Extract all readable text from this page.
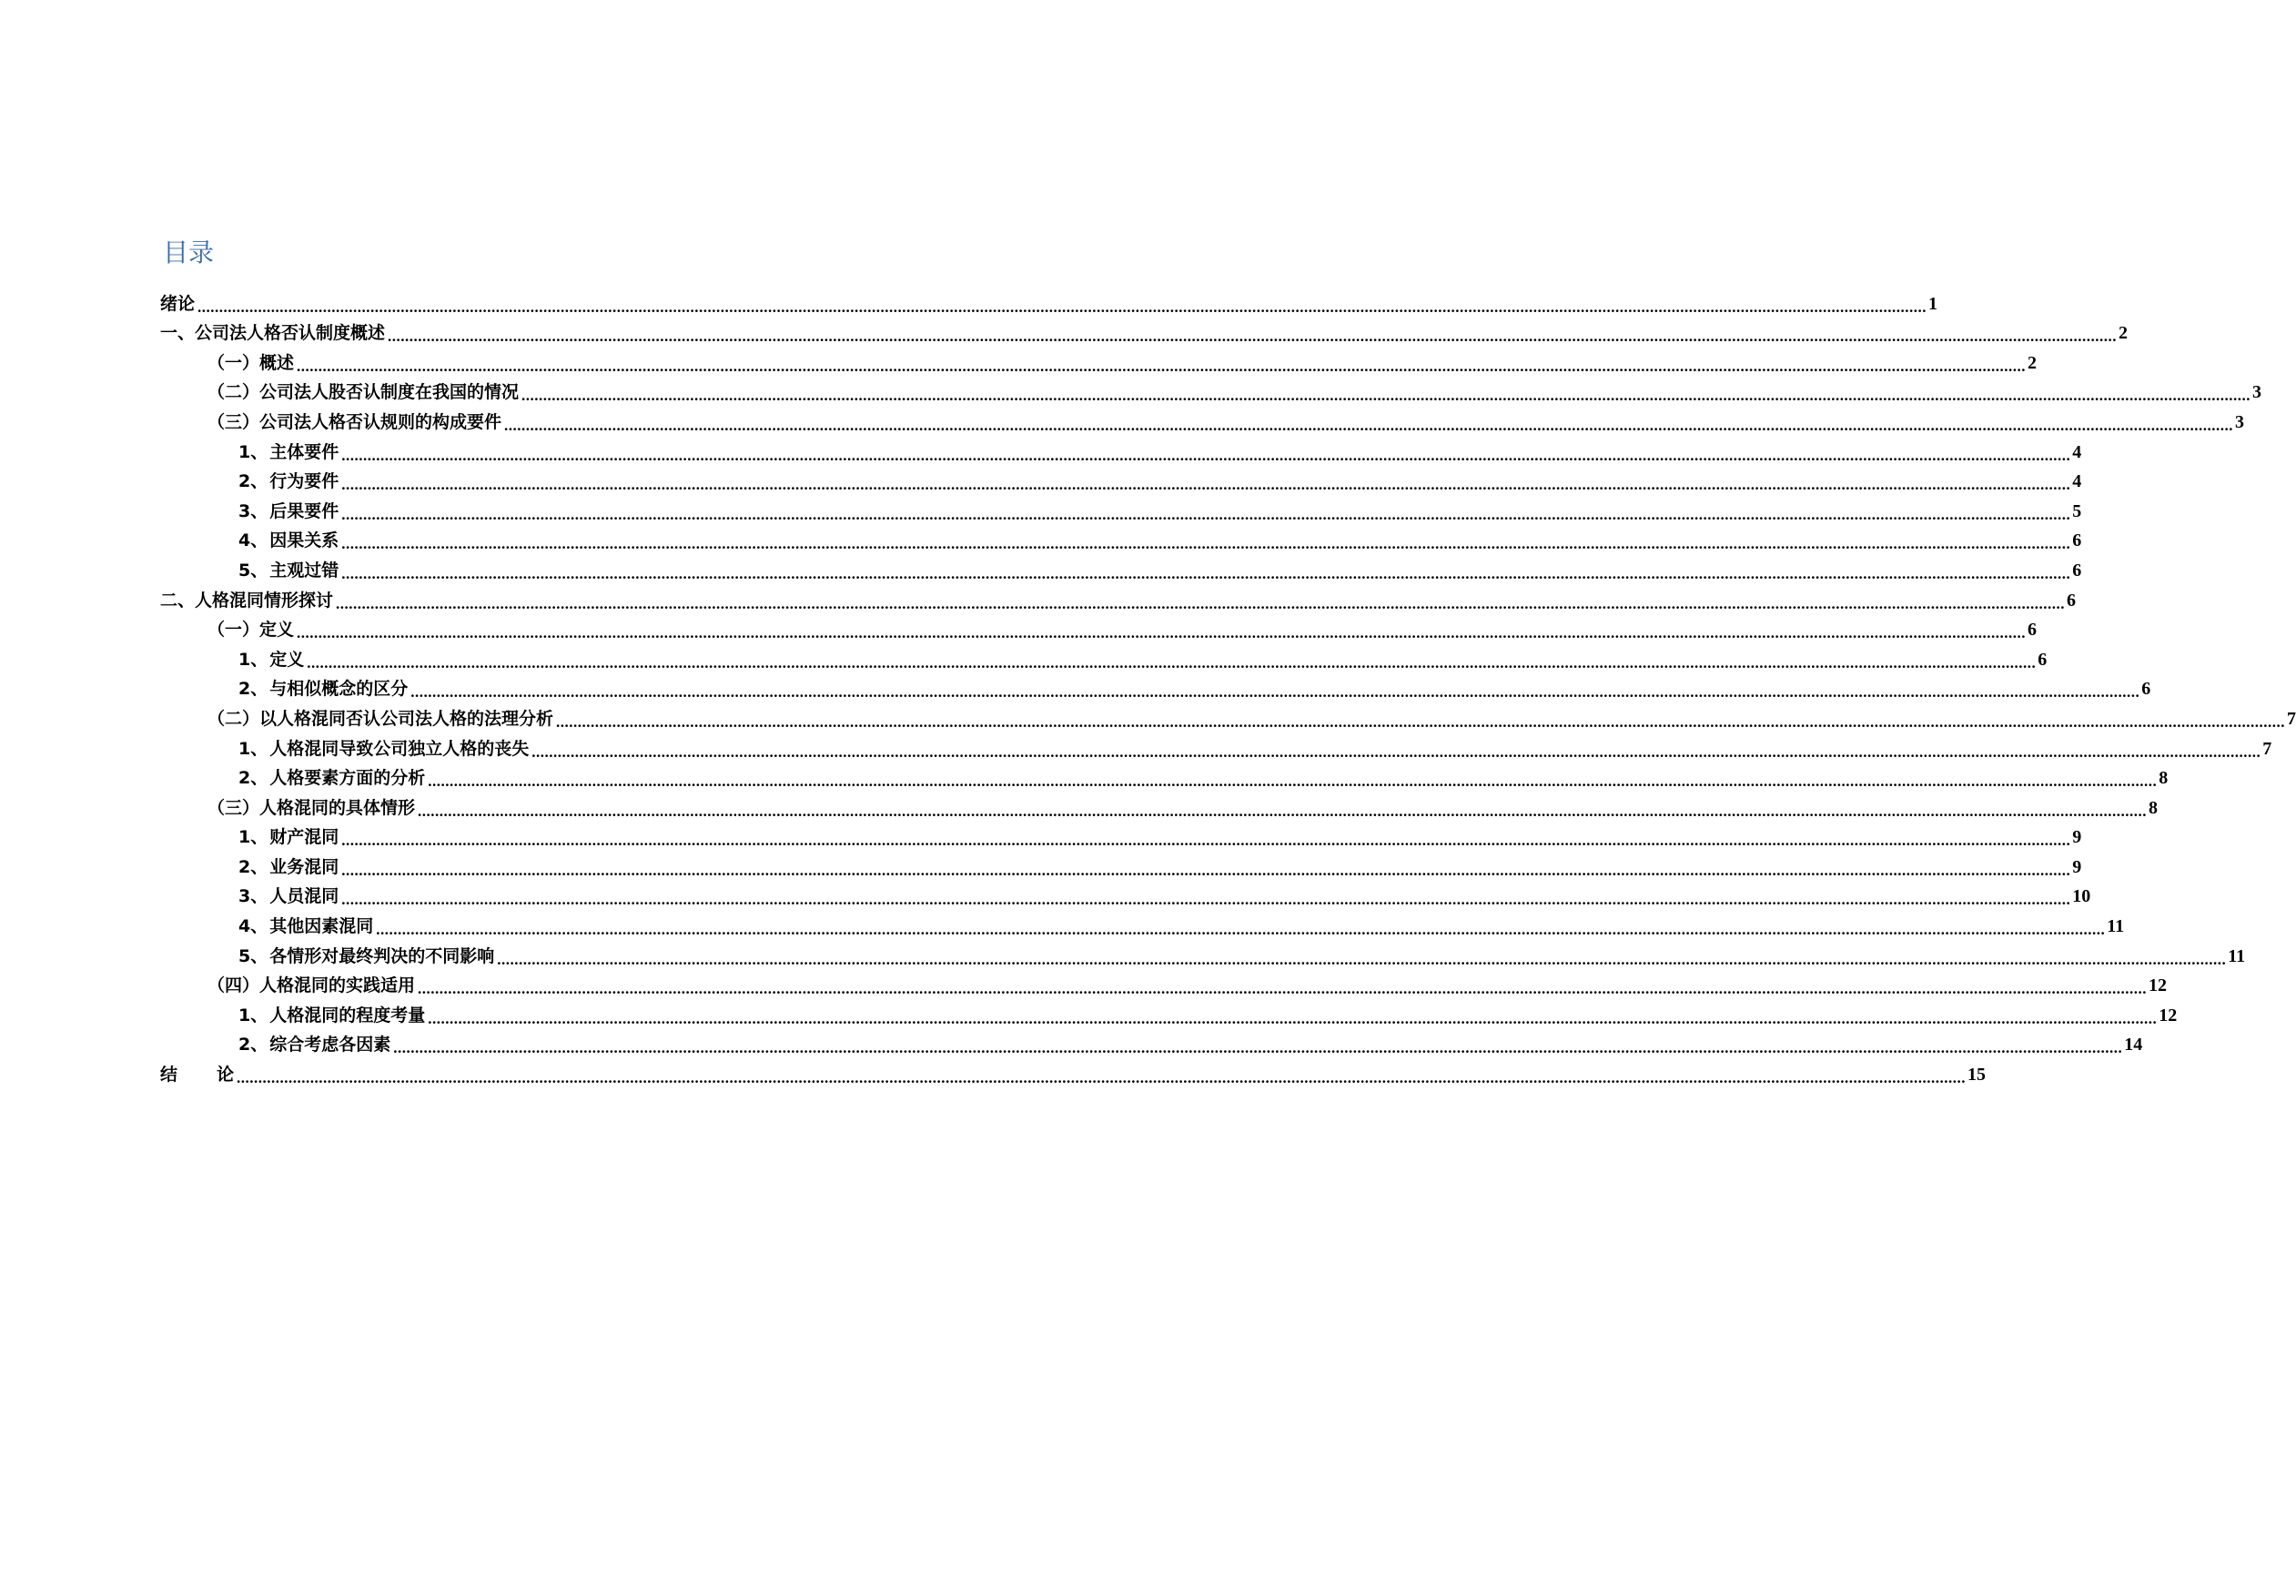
目录
绪论 ................................................................................................................................................................................................................................................................................................................................................................................................................ 1
一、公司法人格否认制度概述 ................................................................................................................................................................................................................................................................................................................................................................................................................ 2
（一）概述 ................................................................................................................................................................................................................................................................................................................................................................................................................ 2
（二）公司法人股否认制度在我国的情况 ................................................................................................................................................................................................................................................................................................................................................................................................................ 3
（三）公司法人格否认规则的构成要件 ................................................................................................................................................................................................................................................................................................................................................................................................................ 3
1、 主体要件 ................................................................................................................................................................................................................................................................................................................................................................................................................ 4
2、 行为要件 ................................................................................................................................................................................................................................................................................................................................................................................................................ 4
3、 后果要件 ................................................................................................................................................................................................................................................................................................................................................................................................................ 5
4、 因果关系 ................................................................................................................................................................................................................................................................................................................................................................................................................ 6
5、 主观过错 ................................................................................................................................................................................................................................................................................................................................................................................................................ 6
二、人格混同情形探讨 ................................................................................................................................................................................................................................................................................................................................................................................................................ 6
（一）定义 ................................................................................................................................................................................................................................................................................................................................................................................................................ 6
1、 定义 ................................................................................................................................................................................................................................................................................................................................................................................................................ 6
2、 与相似概念的区分 ................................................................................................................................................................................................................................................................................................................................................................................................................ 6
（二）以人格混同否认公司法人格的法理分析 ................................................................................................................................................................................................................................................................................................................................................................................................................ 7
1、 人格混同导致公司独立人格的丧失 ................................................................................................................................................................................................................................................................................................................................................................................................................ 7
2、 人格要素方面的分析 ................................................................................................................................................................................................................................................................................................................................................................................................................ 8
（三）人格混同的具体情形 ................................................................................................................................................................................................................................................................................................................................................................................................................ 8
1、 财产混同 ................................................................................................................................................................................................................................................................................................................................................................................................................ 9
2、 业务混同 ................................................................................................................................................................................................................................................................................................................................................................................................................ 9
3、 人员混同 ................................................................................................................................................................................................................................................................................................................................................................................................................ 10
4、 其他因素混同 ................................................................................................................................................................................................................................................................................................................................................................................................................ 11
5、 各情形对最终判决的不同影响 ................................................................................................................................................................................................................................................................................................................................................................................................................ 11
（四）人格混同的实践适用 ................................................................................................................................................................................................................................................................................................................................................................................................................ 12
1、 人格混同的程度考量 ................................................................................................................................................................................................................................................................................................................................................................................................................ 12
2、 综合考虑各因素 ................................................................................................................................................................................................................................................................................................................................................................................................................ 14
结 论 ................................................................................................................................................................................................................................................................................................................................................................................................................ 15
